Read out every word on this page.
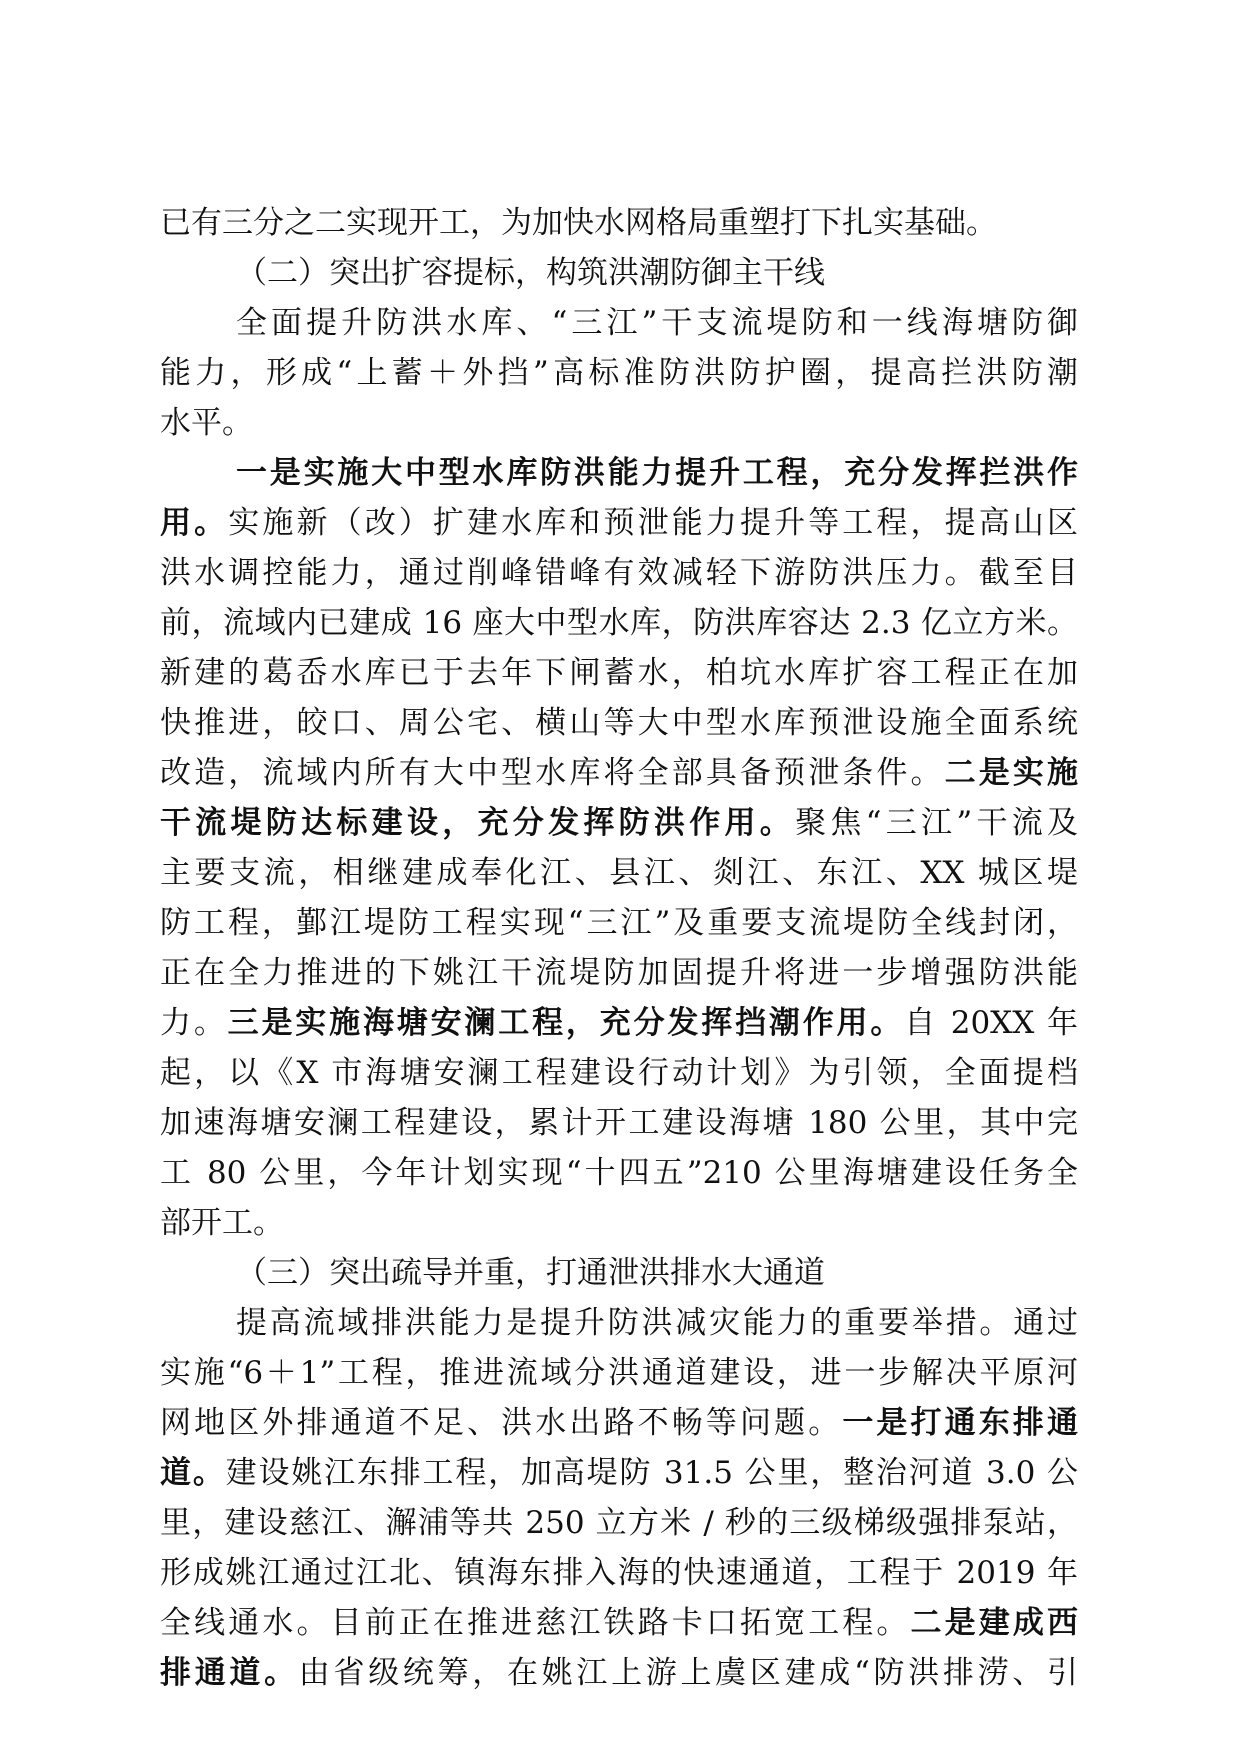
已有三分之二实现开工，为加快水网格局重塑打下扎实基础。
（二）突出扩容提标，构筑洪潮防御主干线
全面提升防洪水库、“三江”干支流堤防和一线海塘防御
能力，形成“上蓄＋外挡”高标准防洪防护圈，提高拦洪防潮
水平。
一是实施大中型水库防洪能力提升工程，充分发挥拦洪作
用。实施新（改）扩建水库和预泄能力提升等工程，提高山区
洪水调控能力，通过削峰错峰有效减轻下游防洪压力。截至目
前，流域内已建成 16 座大中型水库，防洪库容达 2.3 亿立方米。
新建的葛岙水库已于去年下闸蓄水，柏坑水库扩容工程正在加
快推进，皎口、周公宅、横山等大中型水库预泄设施全面系统
改造，流域内所有大中型水库将全部具备预泄条件。二是实施
干流堤防达标建设，充分发挥防洪作用。聚焦“三江”干流及
主要支流，相继建成奉化江、县江、剡江、东江、XX 城区堤
防工程，鄞江堤防工程实现“三江”及重要支流堤防全线封闭，
正在全力推进的下姚江干流堤防加固提升将进一步增强防洪能
力。三是实施海塘安澜工程，充分发挥挡潮作用。自 20XX 年
起，以《X 市海塘安澜工程建设行动计划》为引领，全面提档
加速海塘安澜工程建设，累计开工建设海塘 180 公里，其中完
工 80 公里，今年计划实现“十四五”210 公里海塘建设任务全
部开工。
（三）突出疏导并重，打通泄洪排水大通道
提高流域排洪能力是提升防洪减灾能力的重要举措。通过
实施“6＋1”工程，推进流域分洪通道建设，进一步解决平原河
网地区外排通道不足、洪水出路不畅等问题。一是打通东排通
道。建设姚江东排工程，加高堤防 31.5 公里，整治河道 3.0 公
里，建设慈江、澥浦等共 250 立方米 / 秒的三级梯级强排泵站，
形成姚江通过江北、镇海东排入海的快速通道，工程于 2019 年
全线通水。目前正在推进慈江铁路卡口拓宽工程。二是建成西
排通道。由省级统筹，在姚江上游上虞区建成“防洪排涝、引
